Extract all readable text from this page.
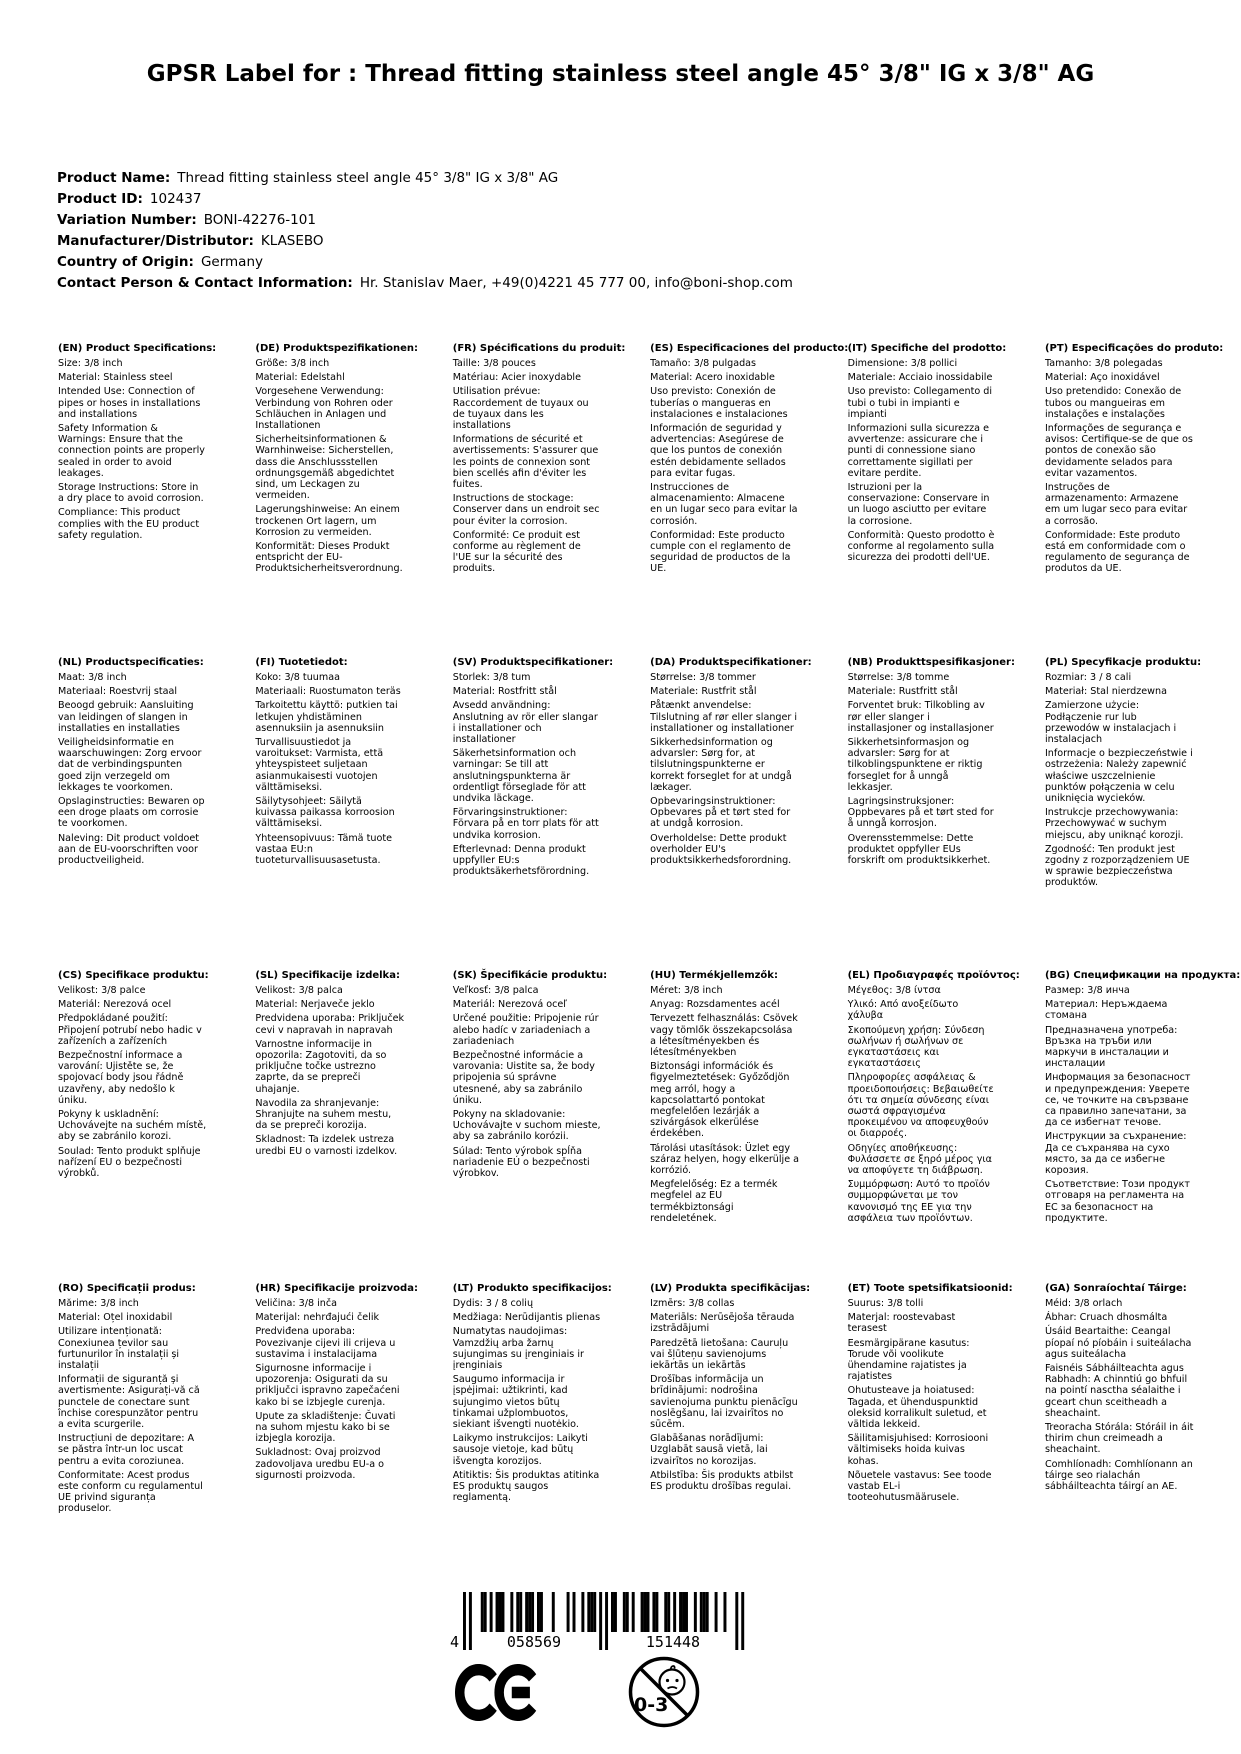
GPSR Label for : Thread fitting stainless steel angle 45° 3/8" IG x 3/8" AG
Product Name: Thread fitting stainless steel angle 45° 3/8" IG x 3/8" AG
Product ID: 102437
Variation Number: BONI-42276-101
Manufacturer/Distributor: KLASEBO
Country of Origin: Germany
Contact Person & Contact Information: Hr. Stanislav Maer, +49(0)4221 45 777 00, info@boni-shop.com
(EN) Product Specifications:

Size: 3/8 inch

Material: Stainless steel

Intended Use: Connection of pipes or hoses in installations and installations

Safety Information & Warnings: Ensure that the connection points are properly sealed in order to avoid leakages.

Storage Instructions: Store in a dry place to avoid corrosion.

Compliance: This product complies with the EU product safety regulation.

(DE) Produktspezifikationen:

Größe: 3/8 inch

Material: Edelstahl

Vorgesehene Verwendung: Verbindung von Rohren oder Schläuchen in Anlagen und Installationen

Sicherheitsinformationen & Warnhinweise: Sicherstellen, dass die Anschlussstellen ordnungsgemäß abgedichtet sind, um Leckagen zu vermeiden.

Lagerungshinweise: An einem trockenen Ort lagern, um Korrosion zu vermeiden.

Konformität: Dieses Produkt entspricht der EU-Produktsicherheitsverordnung.

(FR) Spécifications du produit:

Taille: 3/8 pouces

Matériau: Acier inoxydable

Utilisation prévue: Raccordement de tuyaux ou de tuyaux dans les installations

Informations de sécurité et avertissements: S'assurer que les points de connexion sont bien scellés afin d'éviter les fuites.

Instructions de stockage: Conserver dans un endroit sec pour éviter la corrosion.

Conformité: Ce produit est conforme au règlement de l'UE sur la sécurité des produits.

(ES) Especificaciones del producto:

Tamaño: 3/8 pulgadas

Material: Acero inoxidable

Uso previsto: Conexión de tuberías o mangueras en instalaciones e instalaciones

Información de seguridad y advertencias: Asegúrese de que los puntos de conexión estén debidamente sellados para evitar fugas.

Instrucciones de almacenamiento: Almacene en un lugar seco para evitar la corrosión.

Conformidad: Este producto cumple con el reglamento de seguridad de productos de la UE.

(IT) Specifiche del prodotto:

Dimensione: 3/8 pollici

Materiale: Acciaio inossidabile

Uso previsto: Collegamento di tubi o tubi in impianti e impianti

Informazioni sulla sicurezza e avvertenze: assicurare che i punti di connessione siano correttamente sigillati per evitare perdite.

Istruzioni per la conservazione: Conservare in un luogo asciutto per evitare la corrosione.

Conformità: Questo prodotto è conforme al regolamento sulla sicurezza dei prodotti dell'UE.

(PT) Especificações do produto:

Tamanho: 3/8 polegadas

Material: Aço inoxidável

Uso pretendido: Conexão de tubos ou mangueiras em instalações e instalações

Informações de segurança e avisos: Certifique-se de que os pontos de conexão são devidamente selados para evitar vazamentos.

Instruções de armazenamento: Armazene em um lugar seco para evitar a corrosão.

Conformidade: Este produto está em conformidade com o regulamento de segurança de produtos da UE.

(NL) Productspecificaties:

Maat: 3/8 inch

Materiaal: Roestvrij staal

Beoogd gebruik: Aansluiting van leidingen of slangen in installaties en installaties

Veiligheidsinformatie en waarschuwingen: Zorg ervoor dat de verbindingspunten goed zijn verzegeld om lekkages te voorkomen.

Opslaginstructies: Bewaren op een droge plaats om corrosie te voorkomen.

Naleving: Dit product voldoet aan de EU-voorschriften voor productveiligheid.

(FI) Tuotetiedot:

Koko: 3/8 tuumaa

Materiaali: Ruostumaton teräs

Tarkoitettu käyttö: putkien tai letkujen yhdistäminen asennuksiin ja asennuksiin

Turvallisuustiedot ja varoitukset: Varmista, että yhteyspisteet suljetaan asianmukaisesti vuotojen välttämiseksi.

Säilytysohjeet: Säilytä kuivassa paikassa korroosion välttämiseksi.

Yhteensopivuus: Tämä tuote vastaa EU:n tuoteturvallisuusasetusta.

(SV) Produktspecifikationer:

Storlek: 3/8 tum

Material: Rostfritt stål

Avsedd användning: Anslutning av rör eller slangar i installationer och installationer

Säkerhetsinformation och varningar: Se till att anslutningspunkterna är ordentligt förseglade för att undvika läckage.

Förvaringsinstruktioner: Förvara på en torr plats för att undvika korrosion.

Efterlevnad: Denna produkt uppfyller EU:s produktsäkerhetsförordning.

(DA) Produktspecifikationer:

Størrelse: 3/8 tommer

Materiale: Rustfrit stål

Påtænkt anvendelse: Tilslutning af rør eller slanger i installationer og installationer

Sikkerhedsinformation og advarsler: Sørg for, at tilslutningspunkterne er korrekt forseglet for at undgå lækager.

Opbevaringsinstruktioner: Opbevares på et tørt sted for at undgå korrosion.

Overholdelse: Dette produkt overholder EU's produktsikkerhedsforordning.

(NB) Produkttspesifikasjoner:

Størrelse: 3/8 tomme

Materiale: Rustfritt stål

Forventet bruk: Tilkobling av rør eller slanger i installasjoner og installasjoner

Sikkerhetsinformasjon og advarsler: Sørg for at tilkoblingspunktene er riktig forseglet for å unngå lekkasjer.

Lagringsinstruksjoner: Oppbevares på et tørt sted for å unngå korrosjon.

Overensstemmelse: Dette produktet oppfyller EUs forskrift om produktsikkerhet.

(PL) Specyfikacje produktu:

Rozmiar: 3 / 8 cali

Materiał: Stal nierdzewna

Zamierzone użycie: Podłączenie rur lub przewodów w instalacjach i instalacjach

Informacje o bezpieczeństwie i ostrzeżenia: Należy zapewnić właściwe uszczelnienie punktów połączenia w celu uniknięcia wycieków.

Instrukcje przechowywania: Przechowywać w suchym miejscu, aby uniknąć korozji.

Zgodność: Ten produkt jest zgodny z rozporządzeniem UE w sprawie bezpieczeństwa produktów.

(CS) Specifikace produktu:

Velikost: 3/8 palce

Materiál: Nerezová ocel

Předpokládané použití: Připojení potrubí nebo hadic v zařízeních a zařízeních

Bezpečnostní informace a varování: Ujistěte se, že spojovací body jsou řádně uzavřeny, aby nedošlo k úniku.

Pokyny k uskladnění: Uchovávejte na suchém místě, aby se zabránilo korozi.

Soulad: Tento produkt splňuje nařízení EU o bezpečnosti výrobků.

(SL) Specifikacije izdelka:

Velikost: 3/8 palca

Material: Nerjaveče jeklo

Predvidena uporaba: Priključek cevi v napravah in napravah

Varnostne informacije in opozorila: Zagotoviti, da so priključne točke ustrezno zaprte, da se prepreči uhajanje.

Navodila za shranjevanje: Shranjujte na suhem mestu, da se prepreči korozija.

Skladnost: Ta izdelek ustreza uredbi EU o varnosti izdelkov.

(SK) Špecifikácie produktu:

Veľkosť: 3/8 palca

Materiál: Nerezová oceľ

Určené použitie: Pripojenie rúr alebo hadíc v zariadeniach a zariadeniach

Bezpečnostné informácie a varovania: Uistite sa, že body pripojenia sú správne utesnené, aby sa zabránilo úniku.

Pokyny na skladovanie: Uchovávajte v suchom mieste, aby sa zabránilo korózii.

Súlad: Tento výrobok spĺňa nariadenie EÚ o bezpečnosti výrobkov.

(HU) Termékjellemzők:

Méret: 3/8 inch

Anyag: Rozsdamentes acél

Tervezett felhasználás: Csövek vagy tömlők összekapcsolása a létesítményekben és létesítményekben

Biztonsági információk és figyelmeztetések: Győződjön meg arról, hogy a kapcsolattartó pontokat megfelelően lezárják a szivárgások elkerülése érdekében.

Tárolási utasítások: Üzlet egy száraz helyen, hogy elkerülje a korrózió.

Megfelelőség: Ez a termék megfelel az EU termékbiztonsági rendeletének.

(EL) Προδιαγραφές προϊόντος:

Μέγεθος: 3/8 ίντσα

Υλικό: Από ανοξείδωτο χάλυβα

Σκοπούμενη χρήση: Σύνδεση σωλήνων ή σωλήνων σε εγκαταστάσεις και εγκαταστάσεις

Πληροφορίες ασφάλειας & προειδοποιήσεις: Βεβαιωθείτε ότι τα σημεία σύνδεσης είναι σωστά σφραγισμένα προκειμένου να αποφευχθούν οι διαρροές.

Οδηγίες αποθήκευσης: Φυλάσσετε σε ξηρό μέρος για να αποφύγετε τη διάβρωση.

Συμμόρφωση: Αυτό το προϊόν συμμορφώνεται με τον κανονισμό της ΕΕ για την ασφάλεια των προϊόντων.

(BG) Спецификации на продукта:

Размер: 3/8 инча

Материал: Неръждаема стомана

Предназначена употреба: Връзка на тръби или маркучи в инсталации и инсталации

Информация за безопасност и предупреждения: Уверете се, че точките на свързване са правилно запечатани, за да се избегнат течове.

Инструкции за съхранение: Да се съхранява на сухо място, за да се избегне корозия.

Съответствие: Този продукт отговаря на регламента на ЕС за безопасност на продуктите.

(RO) Specificații produs:

Mărime: 3/8 inch

Material: Oțel inoxidabil

Utilizare intenționată: Conexiunea țevilor sau furtunurilor în instalații și instalații

Informații de siguranță și avertismente: Asigurați-vă că punctele de conectare sunt închise corespunzător pentru a evita scurgerile.

Instrucțiuni de depozitare: A se păstra într-un loc uscat pentru a evita coroziunea.

Conformitate: Acest produs este conform cu regulamentul UE privind siguranța produselor.

(HR) Specifikacije proizvoda:

Veličina: 3/8 inča

Materijal: nehrđajući čelik

Predviđena uporaba: Povezivanje cijevi ili crijeva u sustavima i instalacijama

Sigurnosne informacije i upozorenja: Osigurati da su priključci ispravno zapečaćeni kako bi se izbjegle curenja.

Upute za skladištenje: Čuvati na suhom mjestu kako bi se izbjegla korozija.

Sukladnost: Ovaj proizvod zadovoljava uredbu EU-a o sigurnosti proizvoda.

(LT) Produkto specifikacijos:

Dydis: 3 / 8 colių

Medžiaga: Nerūdijantis plienas

Numatytas naudojimas: Vamzdžių arba žarnų sujungimas su įrenginiais ir įrenginiais

Saugumo informacija ir įspėjimai: užtikrinti, kad sujungimo vietos būtų tinkamai užplombuotos, siekiant išvengti nuotėkio.

Laikymo instrukcijos: Laikyti sausoje vietoje, kad būtų išvengta korozijos.

Atitiktis: Šis produktas atitinka ES produktų saugos reglamentą.

(LV) Produkta specifikācijas:

Izmērs: 3/8 collas

Materiāls: Nerūsējoša tērauda izstrādājumi

Paredzētā lietošana: Cauruļu vai šļūteņu savienojums iekārtās un iekārtās

Drošības informācija un brīdinājumi: nodrošina savienojuma punktu pienācīgu noslēgšanu, lai izvairītos no sūcēm.

Glabāšanas norādījumi: Uzglabāt sausā vietā, lai izvairītos no korozijas.

Atbilstība: Šis produkts atbilst ES produktu drošības regulai.

(ET) Toote spetsifikatsioonid:

Suurus: 3/8 tolli

Materjal: roostevabast terasest

Eesmärgipärane kasutus: Torude või voolikute ühendamine rajatistes ja rajatistes

Ohutusteave ja hoiatused: Tagada, et ühenduspunktid oleksid korralikult suletud, et vältida lekkeid.

Säilitamisjuhised: Korrosiooni vältimiseks hoida kuivas kohas.

Nõuetele vastavus: See toode vastab EL-i tooteohutusmäärusele.

(GA) Sonraíochtaí Táirge:

Méid: 3/8 orlach

Ábhar: Cruach dhosmálta

Úsáid Beartaithe: Ceangal píopaí nó píobáin i suiteálacha agus suiteálacha

Faisnéis Sábháilteachta agus Rabhadh: A chinntiú go bhfuil na pointí nasctha séalaithe i gceart chun sceitheadh a sheachaint.

Treoracha Stórála: Stóráil in áit thirim chun creimeadh a sheachaint.

Comhlíonadh: Comhlíonann an táirge seo rialachán sábháilteachta táirgí an AE.

4	058569	151448
0-3
